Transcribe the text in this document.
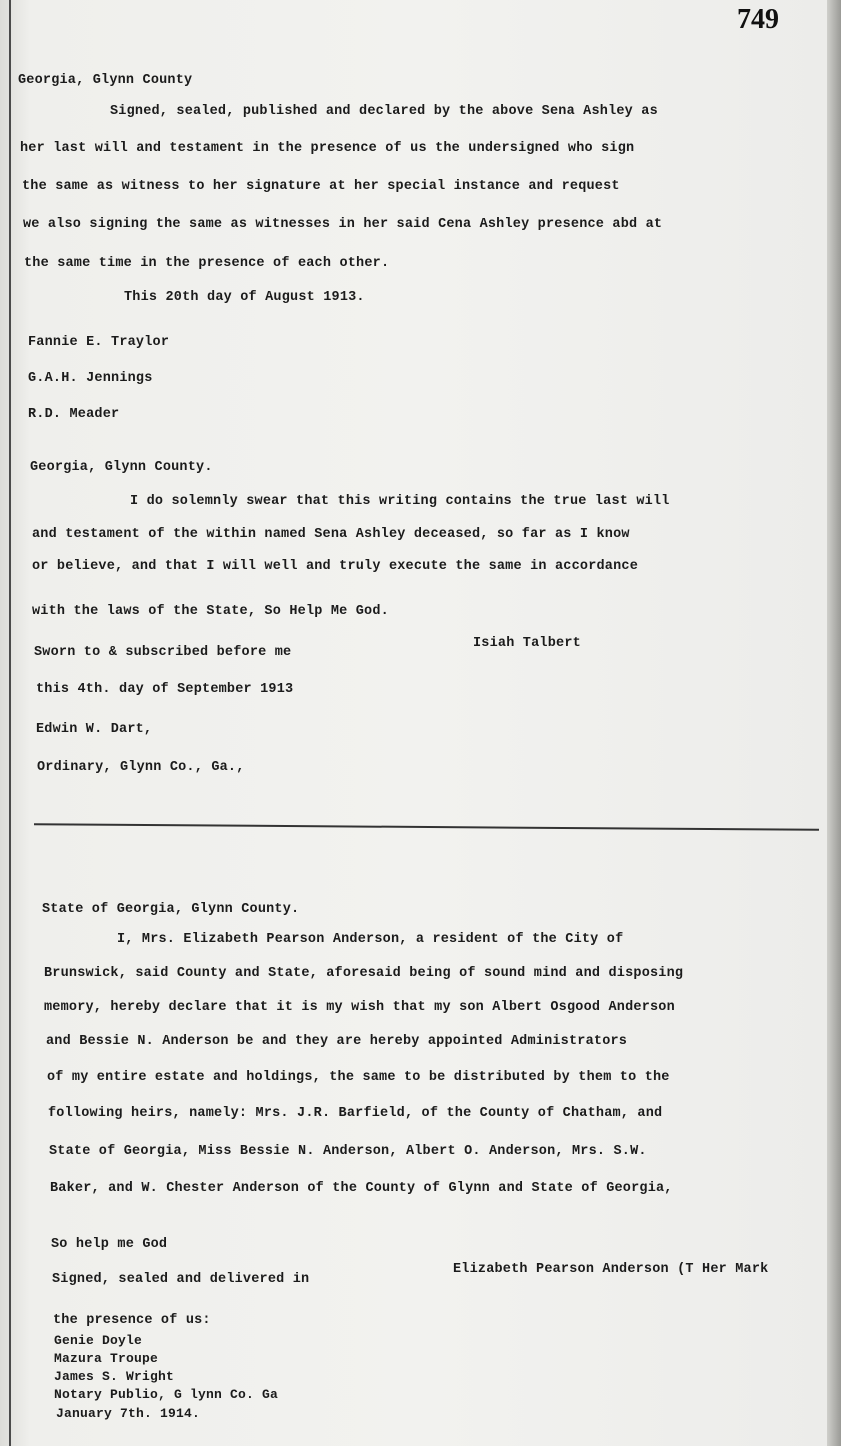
749
Georgia, Glynn County
Signed, sealed, published and declared by the above Sena Ashley as
her last will and testament in the presence of us the undersigned who sign
the same as witness to her signature at her special instance and request
we also signing the same as witnesses in her said Cena Ashley presence abd at
the same time in the presence of each other.
This 20th day of August 1913.
Fannie E. Traylor
G.A.H. Jennings
R.D. Meader
Georgia, Glynn County.
I do solemnly swear that this writing contains the true last will
and testament of the within named Sena Ashley deceased, so far as I know
or believe, and that I will well and truly execute the same in accordance
with the laws of the State, So Help Me God.
Sworn to & subscribed before me
Isiah Talbert
this 4th. day of September 1913
Edwin W. Dart,
Ordinary, Glynn Co., Ga.,
State of Georgia, Glynn County.
I, Mrs. Elizabeth Pearson Anderson, a resident of the City of
Brunswick, said County and State, aforesaid being of sound mind and disposing
memory, hereby declare that it is my wish that my son Albert Osgood Anderson
and Bessie N. Anderson be and they are hereby appointed Administrators
of my entire estate and holdings, the same to be distributed by them to the
following heirs, namely: Mrs. J.R. Barfield, of the County of Chatham, and
State of Georgia, Miss Bessie N. Anderson, Albert O. Anderson, Mrs. S.W.
Baker, and W. Chester Anderson of the County of Glynn and State of Georgia,
So help me God
Signed, sealed and delivered in
Elizabeth Pearson Anderson (T Her Mark
the presence of us:
Genie Doyle
Mazura Troupe
James S. Wright
Notary Publio, G lynn Co. Ga
January 7th. 1914.
